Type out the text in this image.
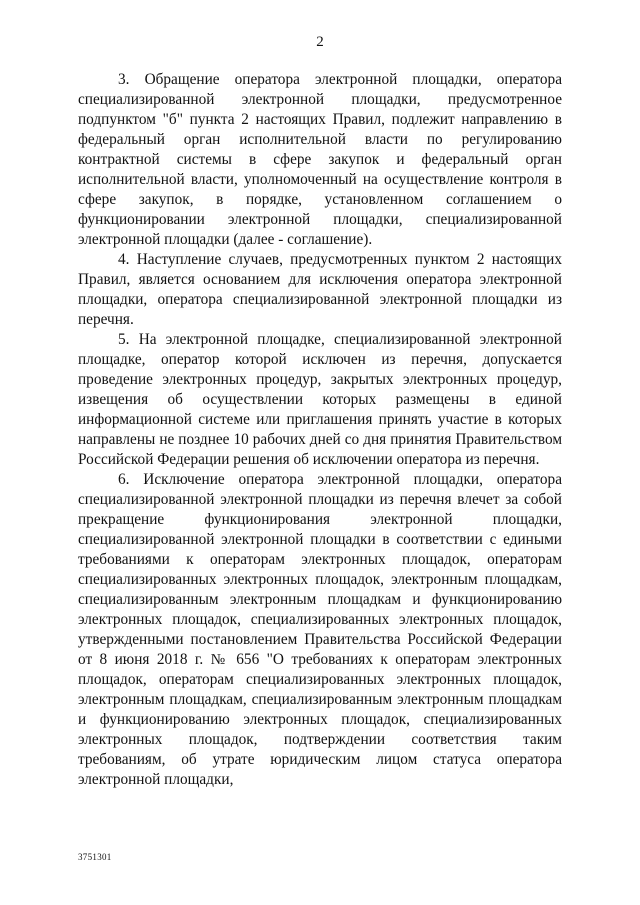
2

3. Обращение оператора электронной площадки, оператора специализированной электронной площадки, предусмотренное подпунктом "б" пункта 2 настоящих Правил, подлежит направлению в федеральный орган исполнительной власти по регулированию контрактной системы в сфере закупок и федеральный орган исполнительной власти, уполномоченный на осуществление контроля в сфере закупок, в порядке, установленном соглашением о функционировании электронной площадки, специализированной электронной площадки (далее - соглашение).

4. Наступление случаев, предусмотренных пунктом 2 настоящих Правил, является основанием для исключения оператора электронной площадки, оператора специализированной электронной площадки из перечня.

5. На электронной площадке, специализированной электронной площадке, оператор которой исключен из перечня, допускается проведение электронных процедур, закрытых электронных процедур, извещения об осуществлении которых размещены в единой информационной системе или приглашения принять участие в которых направлены не позднее 10 рабочих дней со дня принятия Правительством Российской Федерации решения об исключении оператора из перечня.

6. Исключение оператора электронной площадки, оператора специализированной электронной площадки из перечня влечет за собой прекращение функционирования электронной площадки, специализированной электронной площадки в соответствии с едиными требованиями к операторам электронных площадок, операторам специализированных электронных площадок, электронным площадкам, специализированным электронным площадкам и функционированию электронных площадок, специализированных электронных площадок, утвержденными постановлением Правительства Российской Федерации от 8 июня 2018 г. № 656 "О требованиях к операторам электронных площадок, операторам специализированных электронных площадок, электронным площадкам, специализированным электронным площадкам и функционированию электронных площадок, специализированных электронных площадок, подтверждении соответствия таким требованиям, об утрате юридическим лицом статуса оператора электронной площадки,

3751301
